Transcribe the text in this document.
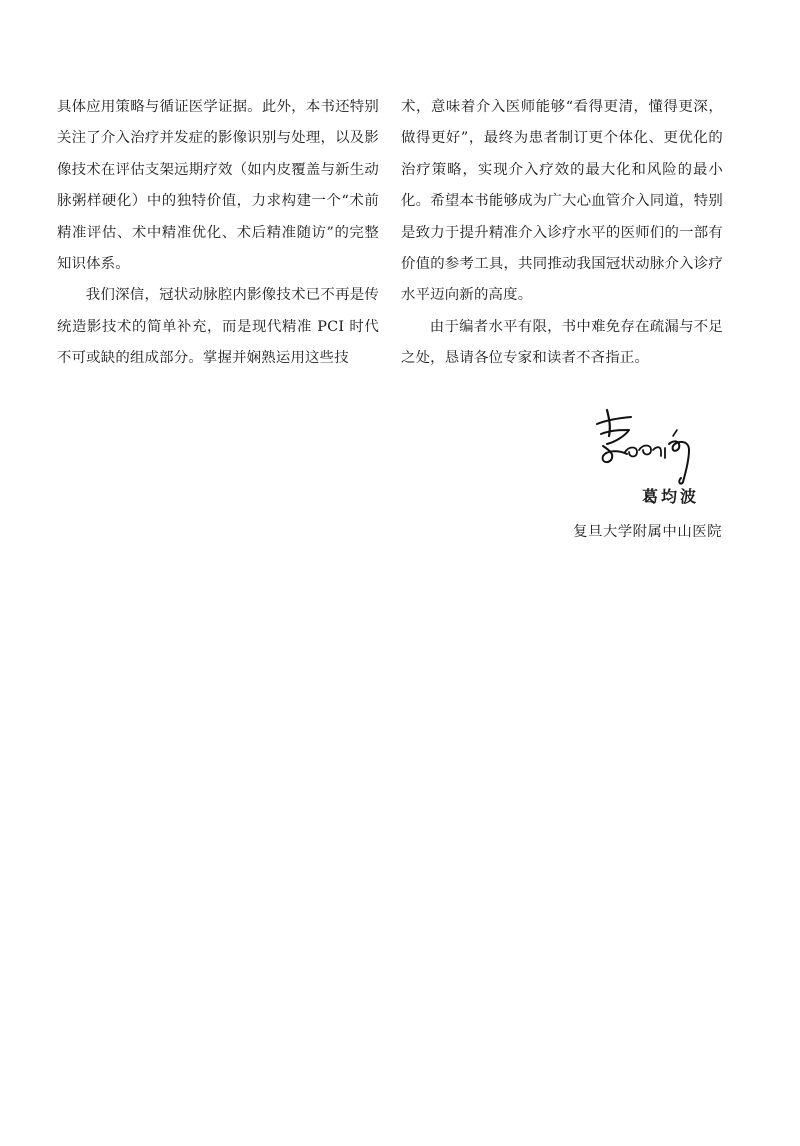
具体应用策略与循证医学证据。此外，本书还特别关注了介入治疗并发症的影像识别与处理，以及影像技术在评估支架远期疗效（如内皮覆盖与新生动脉粥样硬化）中的独特价值，力求构建一个“术前精准评估、术中精准优化、术后精准随访”的完整知识体系。

我们深信，冠状动脉腔内影像技术已不再是传统造影技术的简单补充，而是现代精准 PCI 时代不可或缺的组成部分。掌握并娴熟运用这些技

术，意味着介入医师能够“看得更清，懂得更深，做得更好”，最终为患者制订更个体化、更优化的治疗策略，实现介入疗效的最大化和风险的最小化。希望本书能够成为广大心血管介入同道，特别是致力于提升精准介入诊疗水平的医师们的一部有价值的参考工具，共同推动我国冠状动脉介入诊疗水平迈向新的高度。

由于编者水平有限，书中难免存在疏漏与不足之处，恳请各位专家和读者不吝指正。

葛均波
复旦大学附属中山医院
